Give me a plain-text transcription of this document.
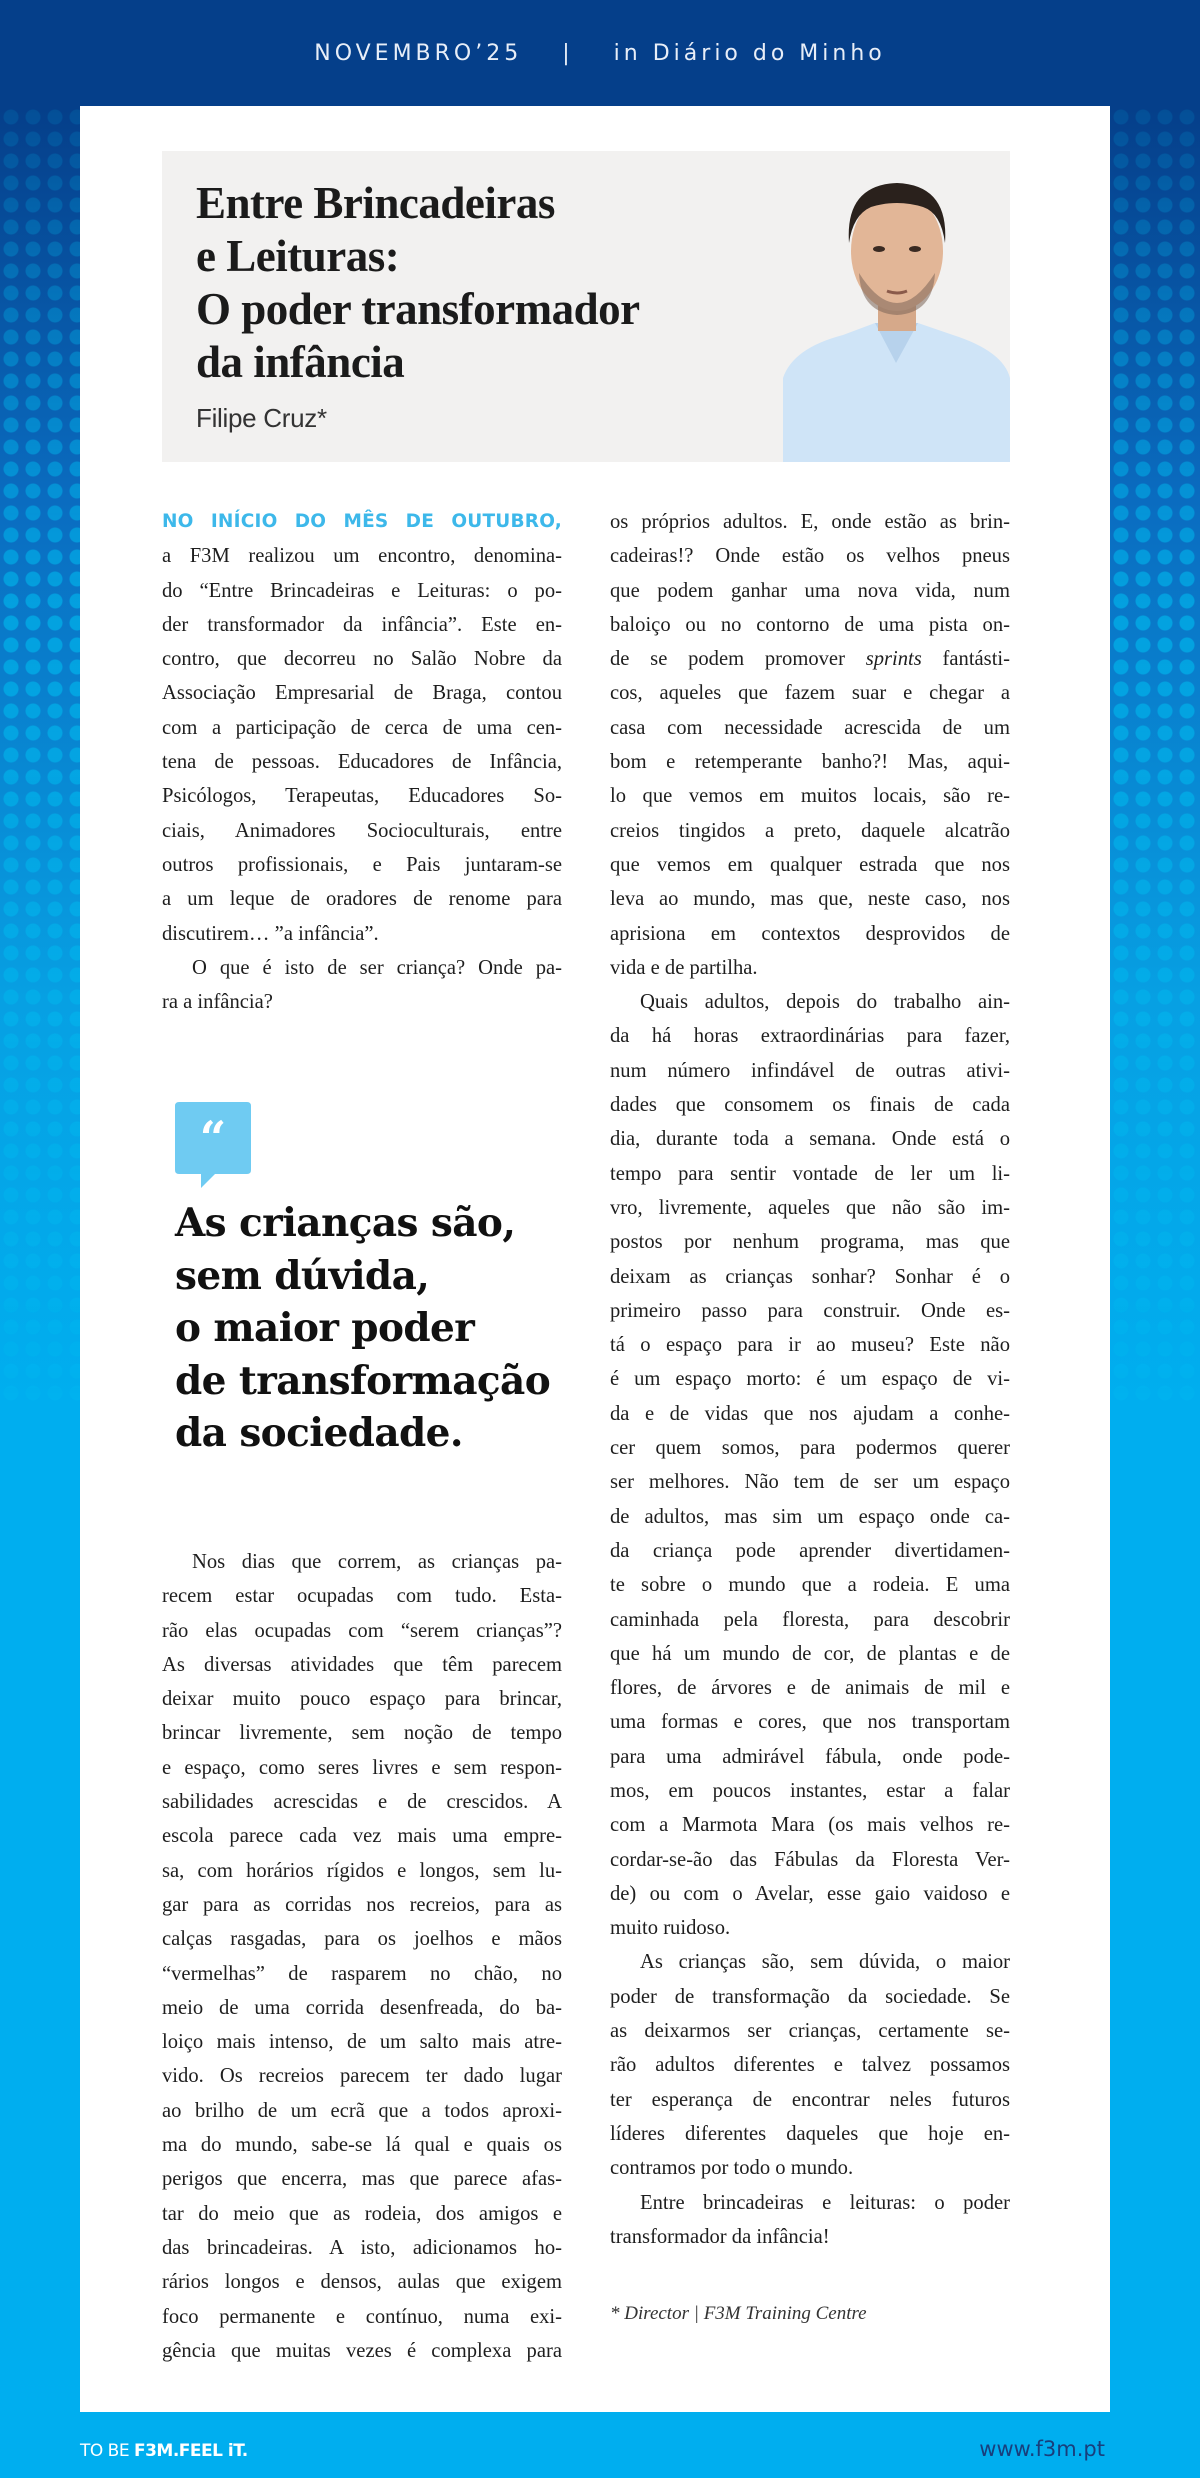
NOVEMBRO’25 | in Diário do Minho
Entre Brincadeiras
e Leituras:
O poder transformador
da infância
Filipe Cruz*
NO INÍCIO DO MÊS DE OUTUBRO,
a F3M realizou um encontro, denomina-
do “Entre Brincadeiras e Leituras: o po-
der transformador da infância”. Este en-
contro, que decorreu no Salão Nobre da
Associação Empresarial de Braga, contou
com a participação de cerca de uma cen-
tena de pessoas. Educadores de Infância,
Psicólogos, Terapeutas, Educadores So-
ciais, Animadores Socioculturais, entre
outros profissionais, e Pais juntaram-se
a um leque de oradores de renome para
discutirem… ”a infância”.
O que é isto de ser criança? Onde pa-
ra a infância?
“
As crianças são,
sem dúvida,
o maior poder
de transformação
da sociedade.
Nos dias que correm, as crianças pa-
recem estar ocupadas com tudo. Esta-
rão elas ocupadas com “serem crianças”?
As diversas atividades que têm parecem
deixar muito pouco espaço para brincar,
brincar livremente, sem noção de tempo
e espaço, como seres livres e sem respon-
sabilidades acrescidas e de crescidos. A
escola parece cada vez mais uma empre-
sa, com horários rígidos e longos, sem lu-
gar para as corridas nos recreios, para as
calças rasgadas, para os joelhos e mãos
“vermelhas” de rasparem no chão, no
meio de uma corrida desenfreada, do ba-
loiço mais intenso, de um salto mais atre-
vido. Os recreios parecem ter dado lugar
ao brilho de um ecrã que a todos aproxi-
ma do mundo, sabe-se lá qual e quais os
perigos que encerra, mas que parece afas-
tar do meio que as rodeia, dos amigos e
das brincadeiras. A isto, adicionamos ho-
rários longos e densos, aulas que exigem
foco permanente e contínuo, numa exi-
gência que muitas vezes é complexa para
os próprios adultos. E, onde estão as brin-
cadeiras!? Onde estão os velhos pneus
que podem ganhar uma nova vida, num
baloiço ou no contorno de uma pista on-
de se podem promover sprints fantásti-
cos, aqueles que fazem suar e chegar a
casa com necessidade acrescida de um
bom e retemperante banho?! Mas, aqui-
lo que vemos em muitos locais, são re-
creios tingidos a preto, daquele alcatrão
que vemos em qualquer estrada que nos
leva ao mundo, mas que, neste caso, nos
aprisiona em contextos desprovidos de
vida e de partilha.
Quais adultos, depois do trabalho ain-
da há horas extraordinárias para fazer,
num número infindável de outras ativi-
dades que consomem os finais de cada
dia, durante toda a semana. Onde está o
tempo para sentir vontade de ler um li-
vro, livremente, aqueles que não são im-
postos por nenhum programa, mas que
deixam as crianças sonhar? Sonhar é o
primeiro passo para construir. Onde es-
tá o espaço para ir ao museu? Este não
é um espaço morto: é um espaço de vi-
da e de vidas que nos ajudam a conhe-
cer quem somos, para podermos querer
ser melhores. Não tem de ser um espaço
de adultos, mas sim um espaço onde ca-
da criança pode aprender divertidamen-
te sobre o mundo que a rodeia. E uma
caminhada pela floresta, para descobrir
que há um mundo de cor, de plantas e de
flores, de árvores e de animais de mil e
uma formas e cores, que nos transportam
para uma admirável fábula, onde pode-
mos, em poucos instantes, estar a falar
com a Marmota Mara (os mais velhos re-
cordar-se-ão das Fábulas da Floresta Ver-
de) ou com o Avelar, esse gaio vaidoso e
muito ruidoso.
As crianças são, sem dúvida, o maior
poder de transformação da sociedade. Se
as deixarmos ser crianças, certamente se-
rão adultos diferentes e talvez possamos
ter esperança de encontrar neles futuros
líderes diferentes daqueles que hoje en-
contramos por todo o mundo.
Entre brincadeiras e leituras: o poder
transformador da infância!
* Director | F3M Training Centre
TO BE F3M.FEEL iT.	www.f3m.pt
